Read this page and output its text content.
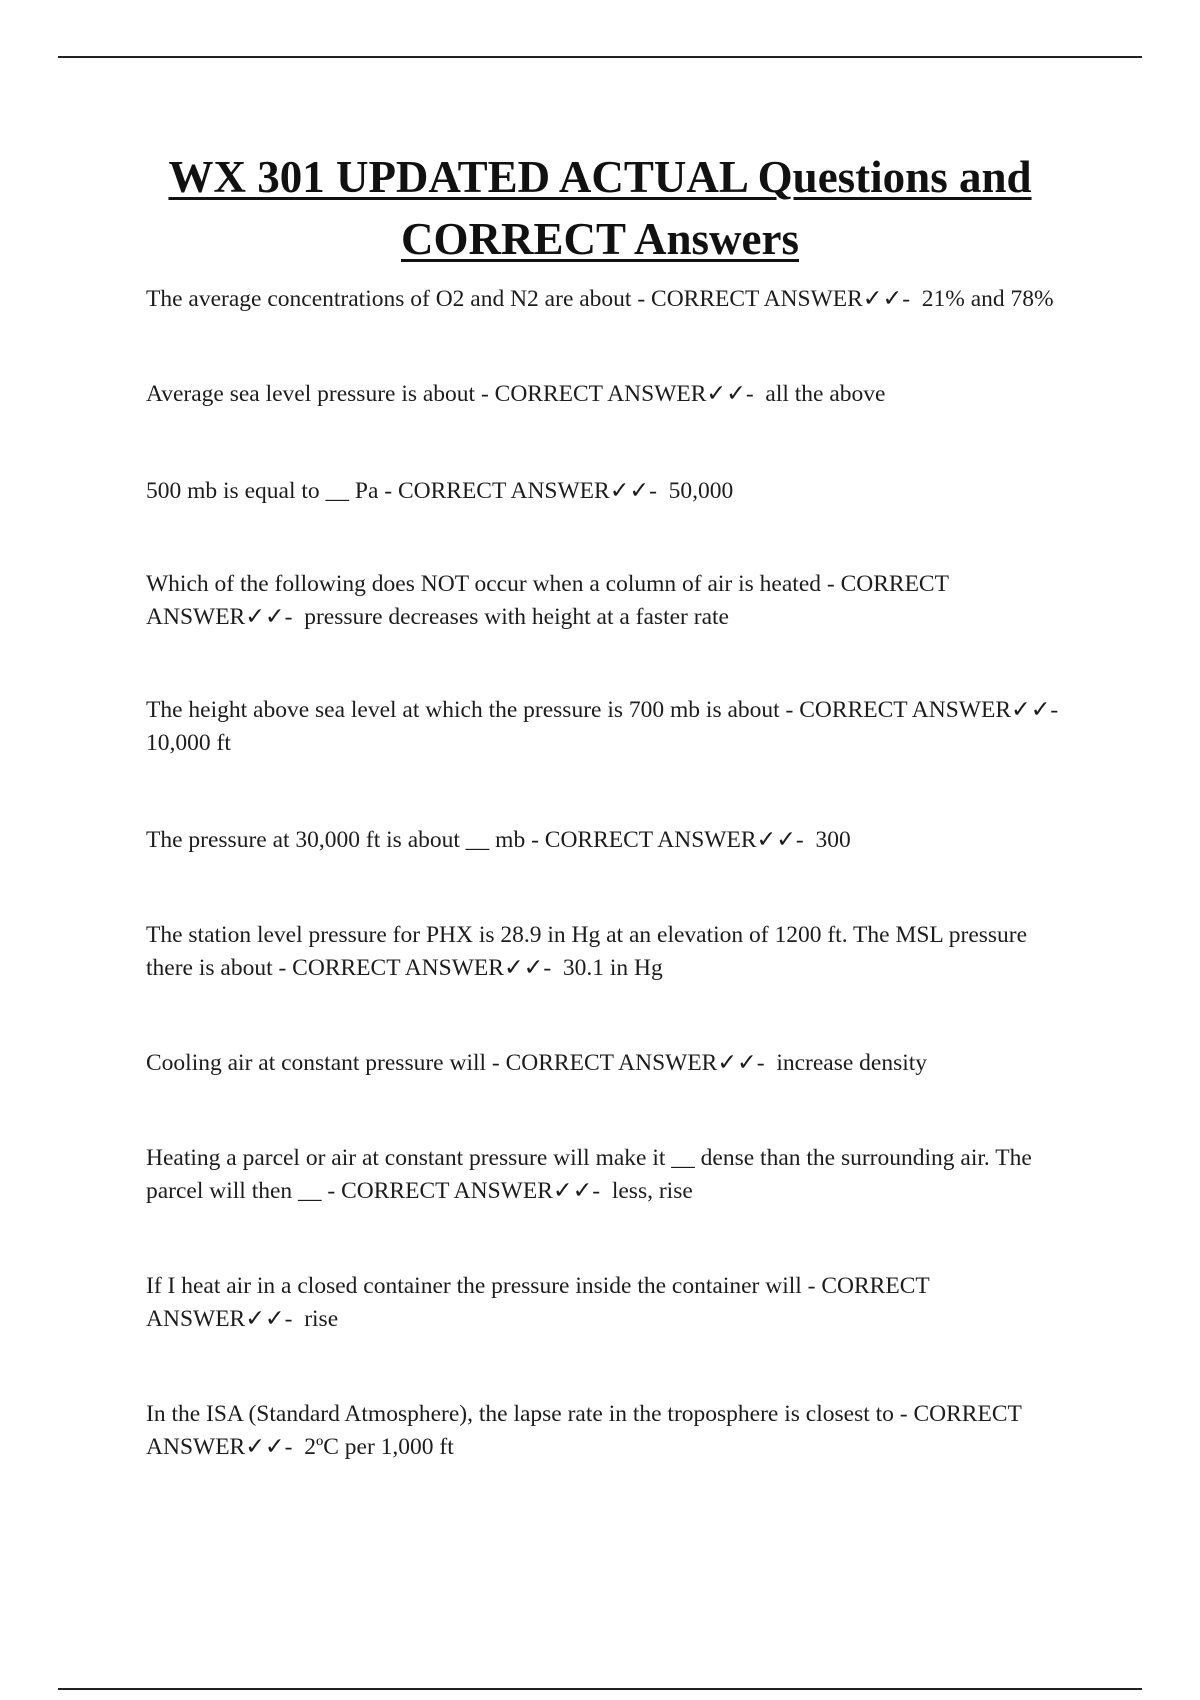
WX 301 UPDATED ACTUAL Questions and CORRECT Answers
The average concentrations of O2 and N2 are about - CORRECT ANSWER✓✓-  21% and 78%
Average sea level pressure is about - CORRECT ANSWER✓✓-  all the above
500 mb is equal to __ Pa - CORRECT ANSWER✓✓-  50,000
Which of the following does NOT occur when a column of air is heated - CORRECT ANSWER✓✓-  pressure decreases with height at a faster rate
The height above sea level at which the pressure is 700 mb is about - CORRECT ANSWER✓✓-  10,000 ft
The pressure at 30,000 ft is about __ mb - CORRECT ANSWER✓✓-  300
The station level pressure for PHX is 28.9 in Hg at an elevation of 1200 ft. The MSL pressure there is about - CORRECT ANSWER✓✓-  30.1 in Hg
Cooling air at constant pressure will - CORRECT ANSWER✓✓-  increase density
Heating a parcel or air at constant pressure will make it __ dense than the surrounding air. The parcel will then __ - CORRECT ANSWER✓✓-  less, rise
If I heat air in a closed container the pressure inside the container will - CORRECT ANSWER✓✓-  rise
In the ISA (Standard Atmosphere), the lapse rate in the troposphere is closest to - CORRECT ANSWER✓✓-  2ºC per 1,000 ft
